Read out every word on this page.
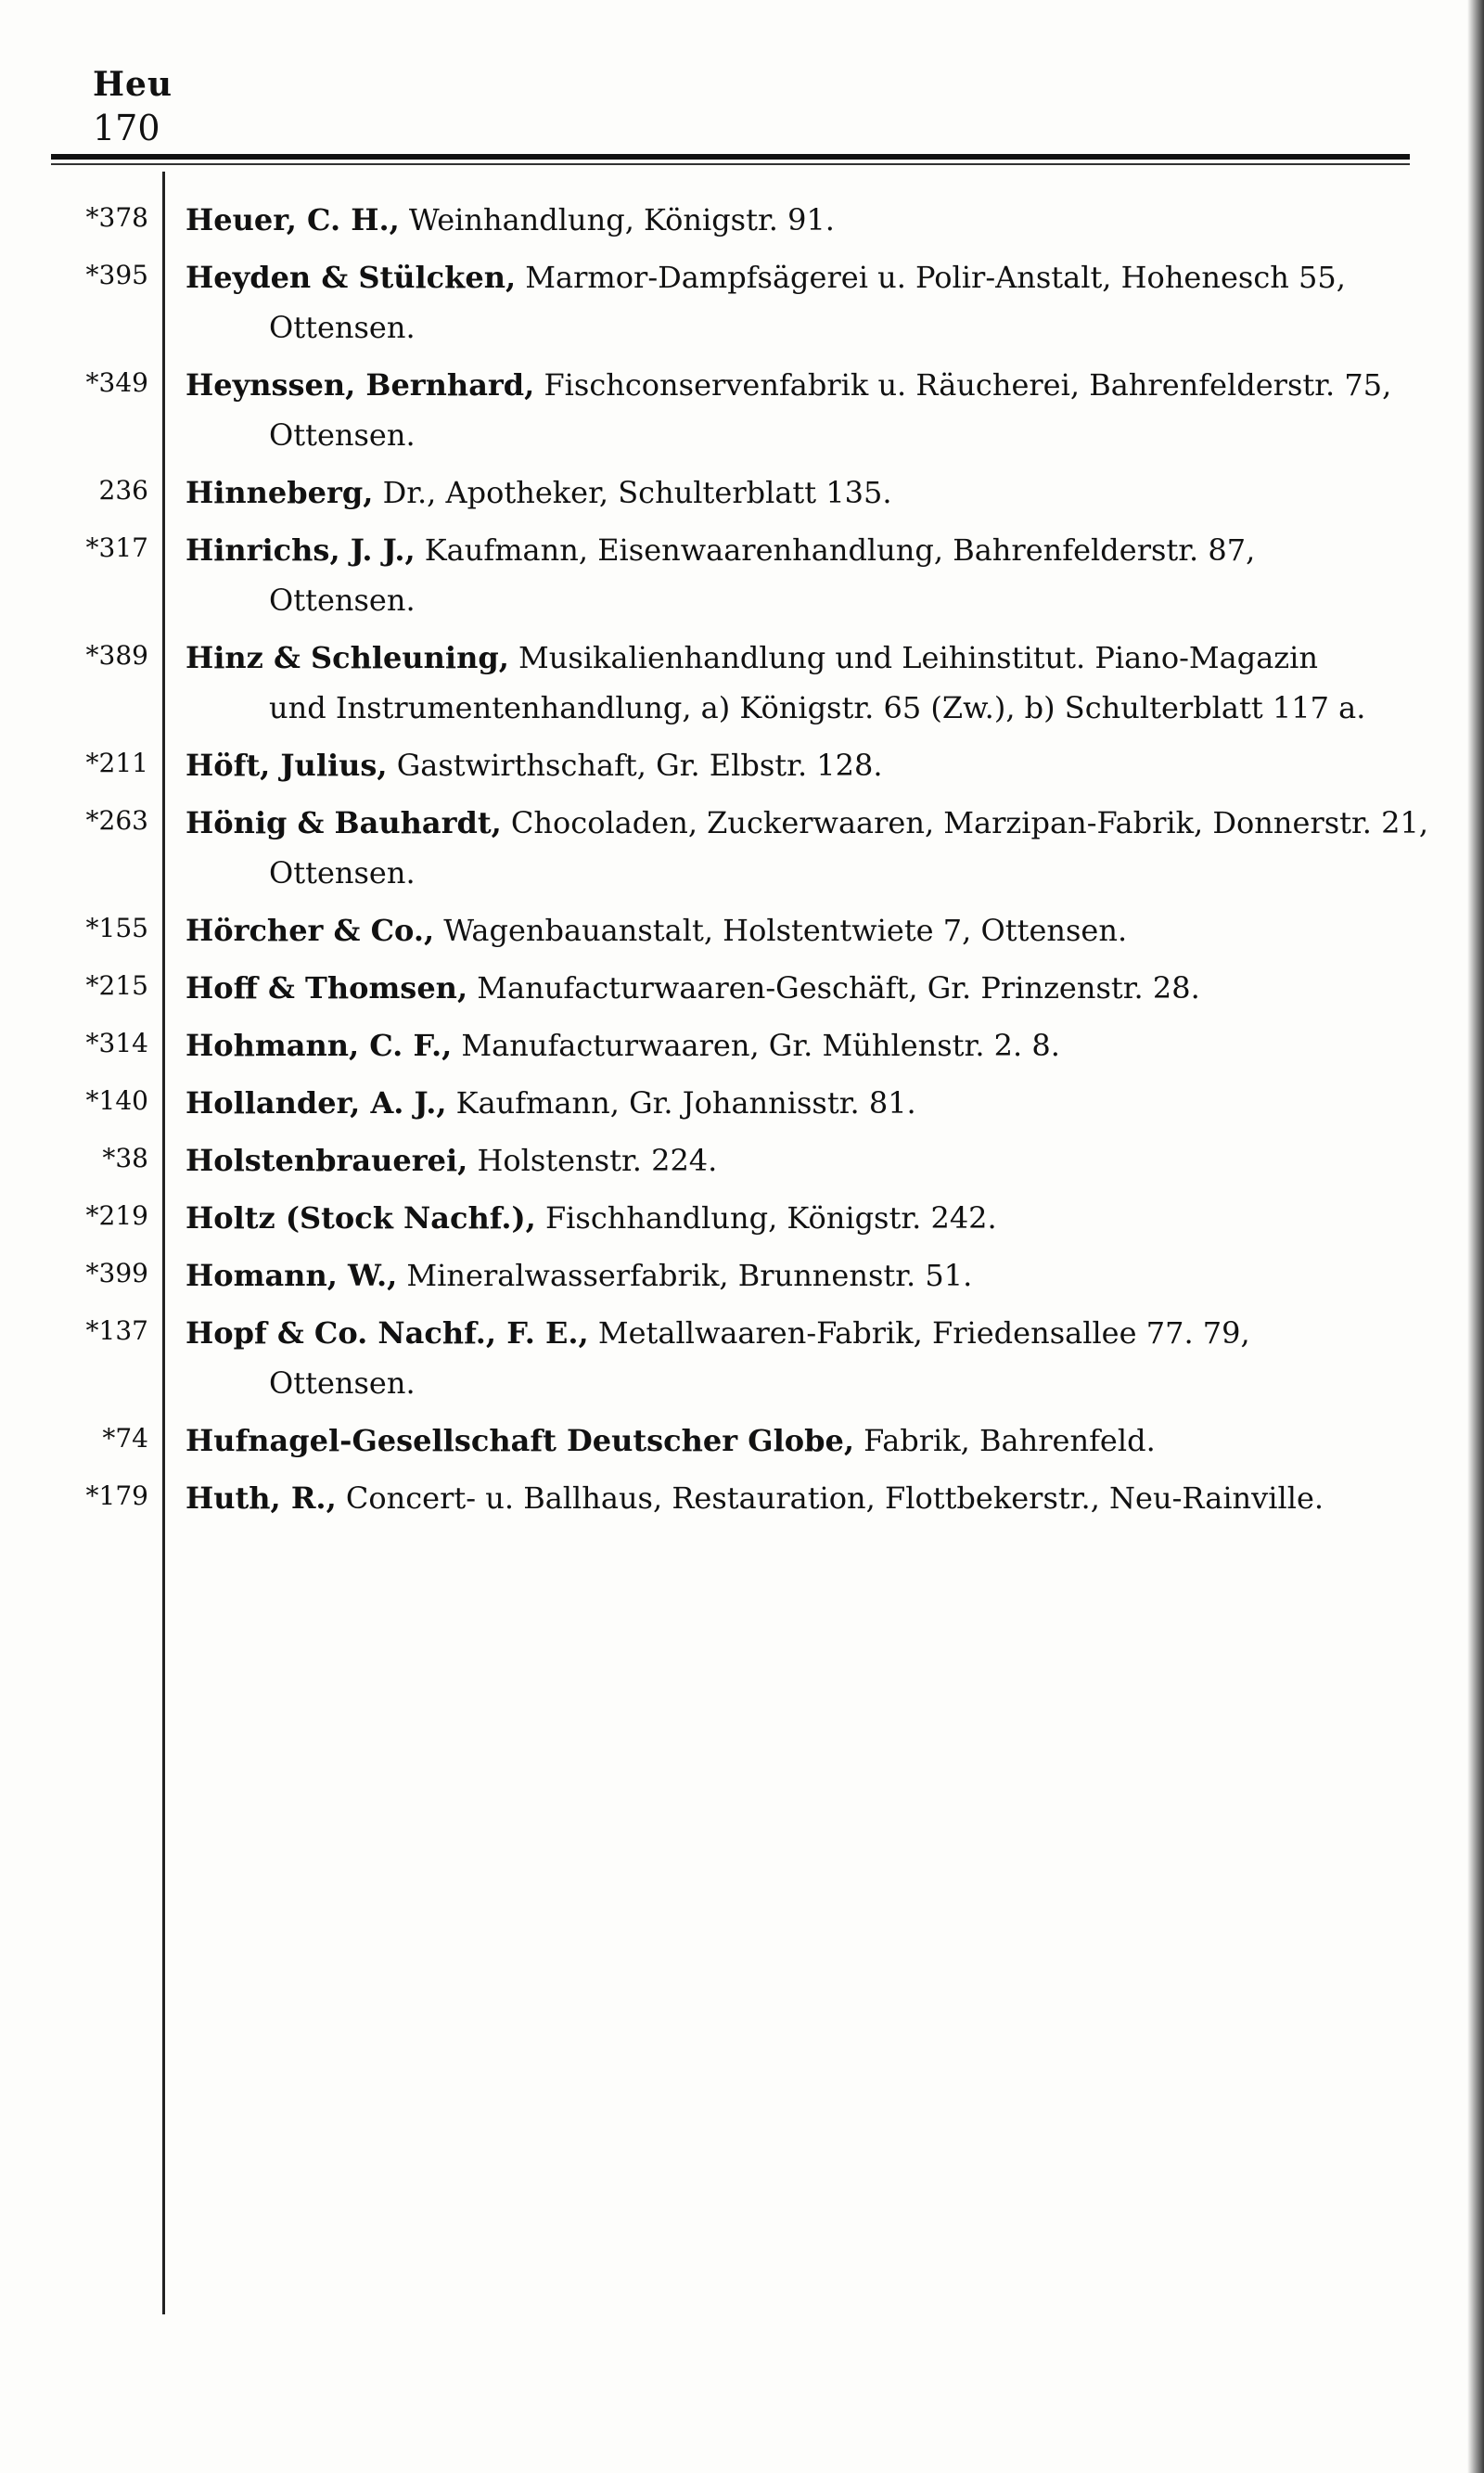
Heu
170
*378 Heuer, C. H., Weinhandlung, Königstr. 91.
*395 Heyden & Stülcken, Marmor-Dampfsägerei u. Polir-Anstalt, Hohenesch 55,
Ottensen.
*349 Heynssen, Bernhard, Fischconservenfabrik u. Räucherei, Bahrenfelderstr. 75,
Ottensen.
236 Hinneberg, Dr., Apotheker, Schulterblatt 135.
*317 Hinrichs, J. J., Kaufmann, Eisenwaarenhandlung, Bahrenfelderstr. 87,
Ottensen.
*389 Hinz & Schleuning, Musikalienhandlung und Leihinstitut. Piano-Magazin
und Instrumentenhandlung, a) Königstr. 65 (Zw.), b) Schulterblatt 117 a.
*211 Höft, Julius, Gastwirthschaft, Gr. Elbstr. 128.
*263 Hönig & Bauhardt, Chocoladen, Zuckerwaaren, Marzipan-Fabrik, Donnerstr. 21,
Ottensen.
*155 Hörcher & Co., Wagenbauanstalt, Holstentwiete 7, Ottensen.
*215 Hoff & Thomsen, Manufacturwaaren-Geschäft, Gr. Prinzenstr. 28.
*314 Hohmann, C. F., Manufacturwaaren, Gr. Mühlenstr. 2. 8.
*140 Hollander, A. J., Kaufmann, Gr. Johannisstr. 81.
*38 Holstenbrauerei, Holstenstr. 224.
*219 Holtz (Stock Nachf.), Fischhandlung, Königstr. 242.
*399 Homann, W., Mineralwasserfabrik, Brunnenstr. 51.
*137 Hopf & Co. Nachf., F. E., Metallwaaren-Fabrik, Friedensallee 77. 79,
Ottensen.
*74 Hufnagel-Gesellschaft Deutscher Globe, Fabrik, Bahrenfeld.
*179 Huth, R., Concert- u. Ballhaus, Restauration, Flottbekerstr., Neu-Rainville.
